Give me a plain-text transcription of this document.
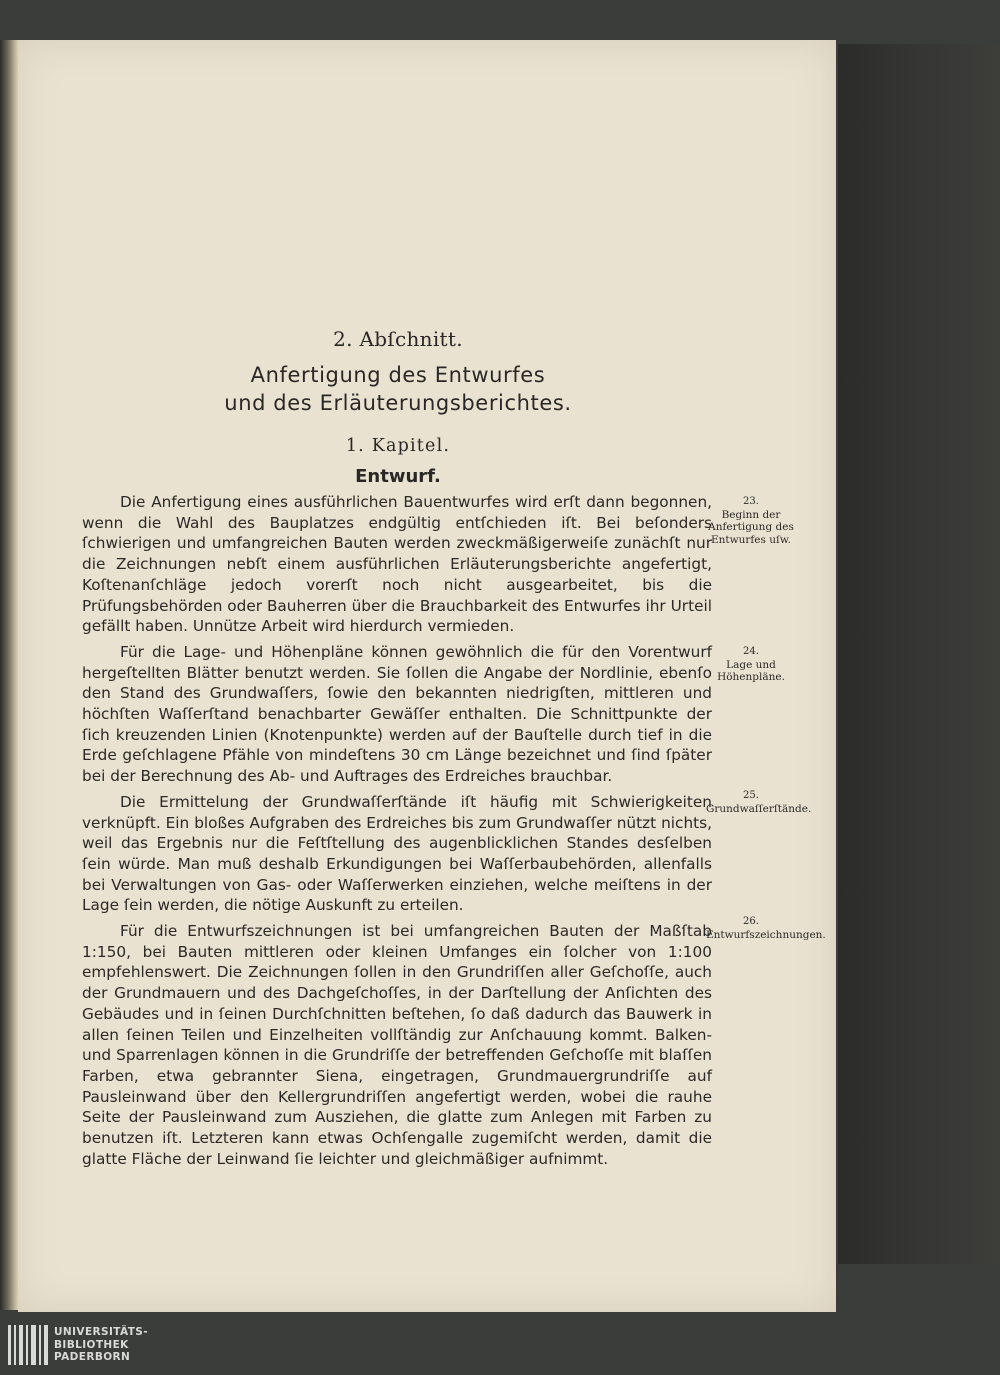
2. Abſchnitt.
Anfertigung des Entwurfes
und des Erläuterungsberichtes.
1. Kapitel.
Entwurf.

Die Anfertigung eines ausführlichen Bauentwurfes wird erſt dann begonnen, wenn die Wahl des Bauplatzes endgültig entſchieden iſt. Bei beſonders ſchwierigen und umfangreichen Bauten werden zweckmäßigerweiſe zunächſt nur die Zeichnungen nebſt einem ausführlichen Erläuterungsberichte angefertigt, Koſtenanſchläge jedoch vorerſt noch nicht ausgearbeitet, bis die Prüfungsbehörden oder Bauherren über die Brauchbarkeit des Entwurfes ihr Urteil gefällt haben. Unnütze Arbeit wird hierdurch vermieden.

Für die Lage- und Höhenpläne können gewöhnlich die für den Vorentwurf hergeſtellten Blätter benutzt werden. Sie ſollen die Angabe der Nordlinie, ebenſo den Stand des Grundwaſſers, ſowie den bekannten niedrigſten, mittleren und höchſten Waſſerſtand benachbarter Gewäſſer enthalten. Die Schnittpunkte der ſich kreuzenden Linien (Knotenpunkte) werden auf der Bauſtelle durch tief in die Erde geſchlagene Pfähle von mindeſtens 30 cm Länge bezeichnet und ſind ſpäter bei der Berechnung des Ab- und Auftrages des Erdreiches brauchbar.

Die Ermittelung der Grundwaſſerſtände iſt häufig mit Schwierigkeiten verknüpft. Ein bloßes Aufgraben des Erdreiches bis zum Grundwaſſer nützt nichts, weil das Ergebnis nur die Feſtſtellung des augenblicklichen Standes desſelben ſein würde. Man muß deshalb Erkundigungen bei Waſſerbaubehörden, allenfalls bei Verwaltungen von Gas- oder Waſſerwerken einziehen, welche meiſtens in der Lage ſein werden, die nötige Auskunft zu erteilen.

Für die Entwurfszeichnungen ist bei umfangreichen Bauten der Maßſtab 1:150, bei Bauten mittleren oder kleinen Umfanges ein ſolcher von 1:100 empfehlenswert. Die Zeichnungen ſollen in den Grundriſſen aller Geſchoſſe, auch der Grundmauern und des Dachgeſchoſſes, in der Darſtellung der Anſichten des Gebäudes und in ſeinen Durchſchnitten beſtehen, ſo daß dadurch das Bauwerk in allen ſeinen Teilen und Einzelheiten vollſtändig zur Anſchauung kommt. Balken- und Sparrenlagen können in die Grundriſſe der betreffenden Geſchoſſe mit blaſſen Farben, etwa gebrannter Siena, eingetragen, Grundmauergrundriſſe auf Pausleinwand über den Kellergrundriſſen angefertigt werden, wobei die rauhe Seite der Pausleinwand zum Ausziehen, die glatte zum Anlegen mit Farben zu benutzen iſt. Letzteren kann etwas Ochſengalle zugemiſcht werden, damit die glatte Fläche der Leinwand ſie leichter und gleichmäßiger aufnimmt.

23.
Beginn der Anfertigung des Entwurfes uſw.
24.
Lage und Höhenpläne.
25.
Grundwaſſerſtände.
26.
Entwurfszeichnungen.
UNIVERSITÄTS-
BIBLIOTHEK
PADERBORN
